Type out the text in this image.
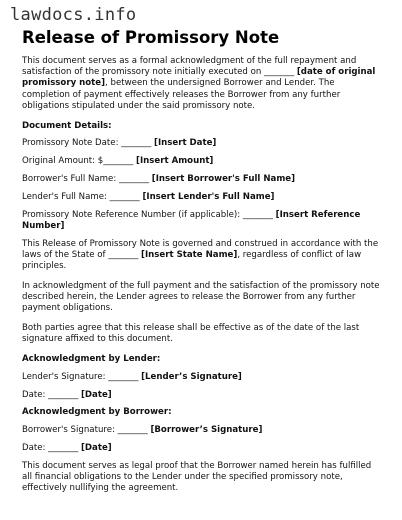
lawdocs.info
Release of Promissory Note

This document serves as a formal acknowledgment of the full repayment and satisfaction of the promissory note initially executed on _______ [date of original promissory note], between the undersigned Borrower and Lender. The completion of payment effectively releases the Borrower from any further obligations stipulated under the said promissory note.

Document Details:

Promissory Note Date: _______ [Insert Date]

Original Amount: $_______ [Insert Amount]

Borrower's Full Name: _______ [Insert Borrower's Full Name]

Lender's Full Name: _______ [Insert Lender's Full Name]

Promissory Note Reference Number (if applicable): _______ [Insert Reference Number]

This Release of Promissory Note is governed and construed in accordance with the laws of the State of _______ [Insert State Name], regardless of conflict of law principles.

In acknowledgment of the full payment and the satisfaction of the promissory note described herein, the Lender agrees to release the Borrower from any further payment obligations.

Both parties agree that this release shall be effective as of the date of the last signature affixed to this document.

Acknowledgment by Lender:

Lender's Signature: _______ [Lender’s Signature]

Date: _______ [Date]

Acknowledgment by Borrower:

Borrower's Signature: _______ [Borrower’s Signature]

Date: _______ [Date]

This document serves as legal proof that the Borrower named herein has fulfilled all financial obligations to the Lender under the specified promissory note, effectively nullifying the agreement.
